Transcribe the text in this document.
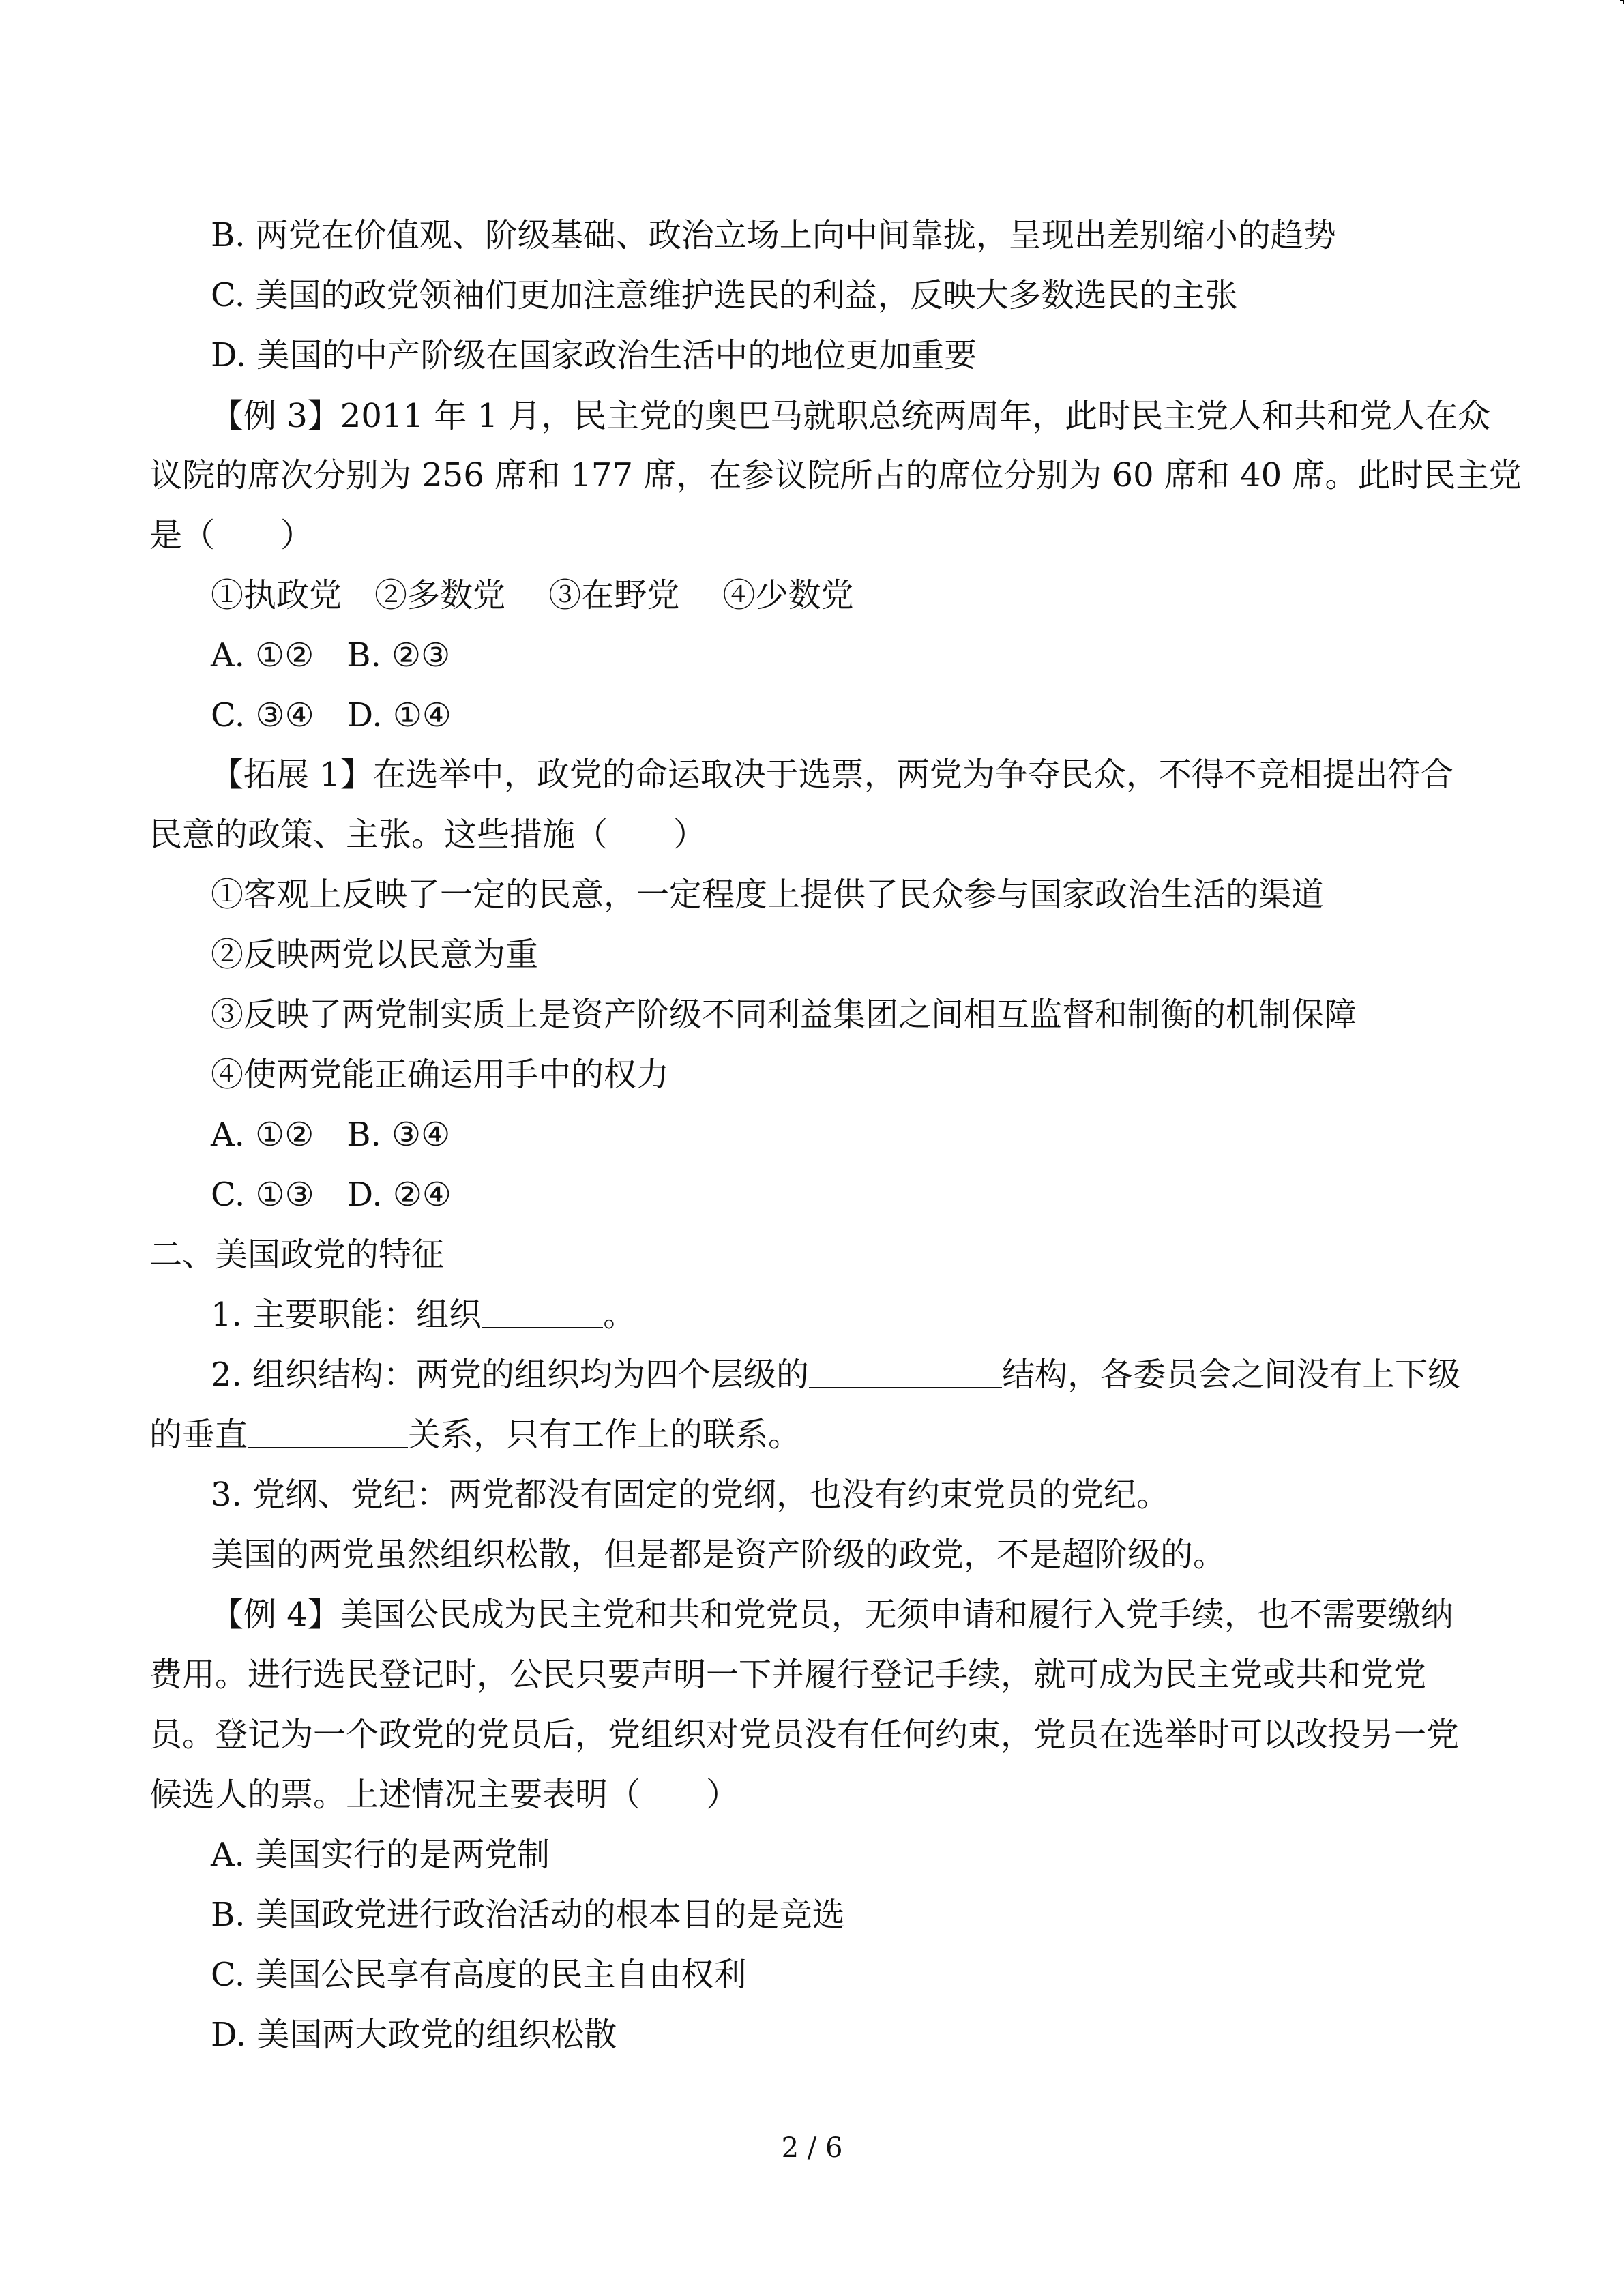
B. 两党在价值观、阶级基础、政治立场上向中间靠拢，呈现出差别缩小的趋势
C. 美国的政党领袖们更加注意维护选民的利益，反映大多数选民的主张
D. 美国的中产阶级在国家政治生活中的地位更加重要
【例 3】2011 年 1 月，民主党的奥巴马就职总统两周年，此时民主党人和共和党人在众
议院的席次分别为 256 席和 177 席，在参议院所占的席位分别为 60 席和 40 席。此时民主党
是（　　）
①执政党　②多数党　 ③在野党　 ④少数党
A. ①②　B. ②③
C. ③④　D. ①④
【拓展 1】在选举中，政党的命运取决于选票，两党为争夺民众，不得不竞相提出符合
民意的政策、主张。这些措施（　　）
①客观上反映了一定的民意，一定程度上提供了民众参与国家政治生活的渠道
②反映两党以民意为重
③反映了两党制实质上是资产阶级不同利益集团之间相互监督和制衡的机制保障
④使两党能正确运用手中的权力
A. ①②　B. ③④
C. ①③　D. ②④
二、美国政党的特征
1. 主要职能：组织	。
2. 组织结构：两党的组织均为四个层级的	结构，各委员会之间没有上下级
的垂直	关系，只有工作上的联系。
3. 党纲、党纪：两党都没有固定的党纲，也没有约束党员的党纪。
美国的两党虽然组织松散，但是都是资产阶级的政党，不是超阶级的。
【例 4】美国公民成为民主党和共和党党员，无须申请和履行入党手续，也不需要缴纳
费用。进行选民登记时，公民只要声明一下并履行登记手续，就可成为民主党或共和党党
员。登记为一个政党的党员后，党组织对党员没有任何约束，党员在选举时可以改投另一党
候选人的票。上述情况主要表明（　　）
A. 美国实行的是两党制
B. 美国政党进行政治活动的根本目的是竞选
C. 美国公民享有高度的民主自由权利
D. 美国两大政党的组织松散
2 / 6
